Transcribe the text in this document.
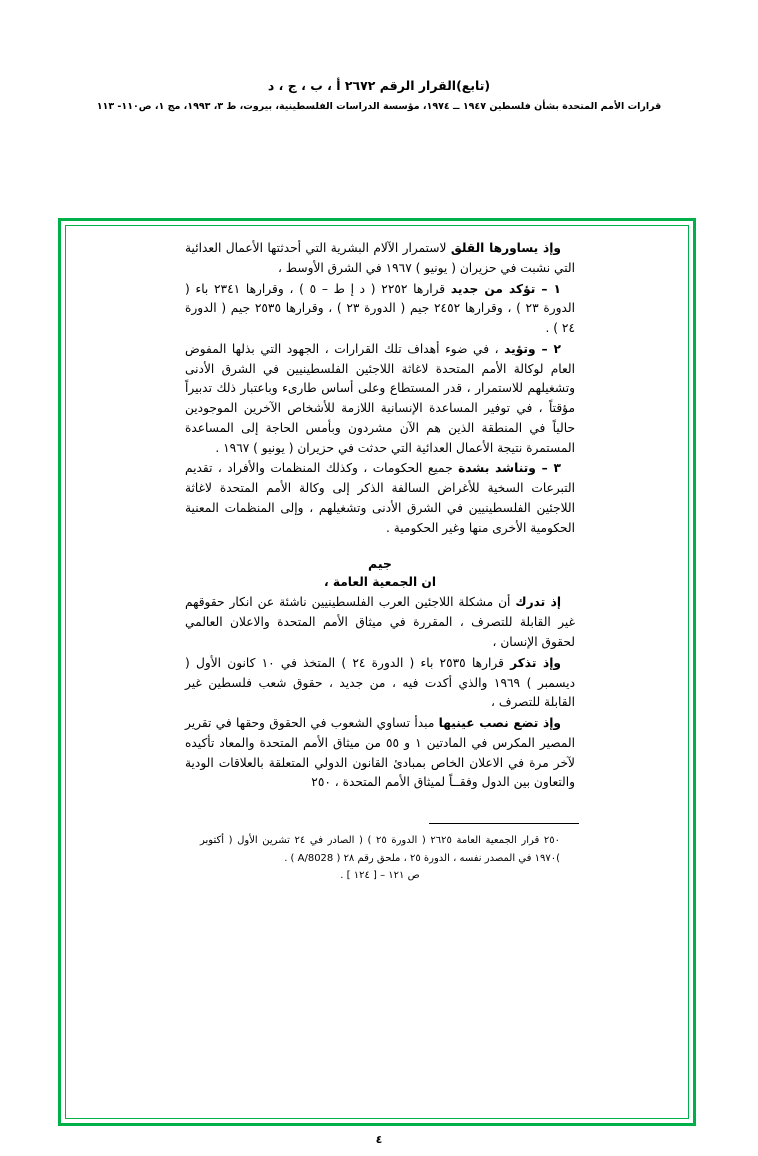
(تابع)القرار الرقم ٢٦٧٢ أ ، ب ، ج ، د
قرارات الأمم المتحدة بشأن فلسطين ١٩٤٧ ــ ١٩٧٤، مؤسسة الدراسات الفلسطينية، بيروت، ط ٣، ١٩٩٣، مج ١، ص١١٠- ١١٣

وإذ يساورها القلق لاستمرار الآلام البشرية التي أحدثتها الأعمال العدائية التي نشبت في حزيران ( يونيو ) ١٩٦٧ في الشرق الأوسط ،

١ – تؤكد من جديد قرارها ٢٢٥٢ ( د إ ط – ٥ ) ، وقرارها ٢٣٤١ باء ( الدورة ٢٣ ) ، وقرارها ٢٤٥٢ جيم ( الدورة ٢٣ ) ، وقرارها ٢٥٣٥ جيم ( الدورة ٢٤ ) .

٢ – وتؤيد ، في ضوء أهداف تلك القرارات ، الجهود التي بذلها المفوض العام لوكالة الأمم المتحدة لاغاثة اللاجئين الفلسطينيين في الشرق الأدنى وتشغيلهم للاستمرار ، قدر المستطاع وعلى أساس طارىء وباعتبار ذلك تدبيراً مؤقتاً ، في توفير المساعدة الإنسانية اللازمة للأشخاص الآخرين الموجودين حالياً في المنطقة الذين هم الآن مشردون وبأمس الحاجة إلى المساعدة المستمرة نتيجة الأعمال العدائية التي حدثت في حزيران ( يونيو ) ١٩٦٧ .

٣ – وتناشد بشدة جميع الحكومات ، وكذلك المنظمات والأفراد ، تقديم التبرعات السخية للأغراض السالفة الذكر إلى وكالة الأمم المتحدة لاغاثة اللاجئين الفلسطينيين في الشرق الأدنى وتشغيلهم ، وإلى المنظمات المعنية الحكومية الأخرى منها وغير الحكومية .

جيم
ان الجمعية العامة ،

إذ تدرك أن مشكلة اللاجئين العرب الفلسطينيين ناشئة عن انكار حقوقهم غير القابلة للتصرف ، المقررة في ميثاق الأمم المتحدة والاعلان العالمي لحقوق الإنسان ،

وإذ تذكر قرارها ٢٥٣٥ باء ( الدورة ٢٤ ) المتخذ في ١٠ كانون الأول ( ديسمبر ) ١٩٦٩ والذي أكدت فيه ، من جديد ، حقوق شعب فلسطين غير القابلة للتصرف ،

وإذ تضع نصب عينيها مبدأ تساوي الشعوب في الحقوق وحقها في تقرير المصير المكرس في المادتين ١ و ٥٥ من ميثاق الأمم المتحدة والمعاد تأكيده لآخر مرة في الاعلان الخاص بمبادئ القانون الدولي المتعلقة بالعلاقات الودية والتعاون بين الدول وفقــاً لميثاق الأمم المتحدة ، ٢٥٠

٢٥٠ قرار الجمعية العامة ٢٦٢٥ ( الدورة ٢٥ ) ( الصادر في ٢٤ تشرين الأول ( أكتوبر )١٩٧٠ في المصدر نفسه ، الدورة ٢٥ ، ملحق رقم ٢٨ ( A/8028 ) .

ص ١٢١ – [ ١٢٤ ] .

٤
